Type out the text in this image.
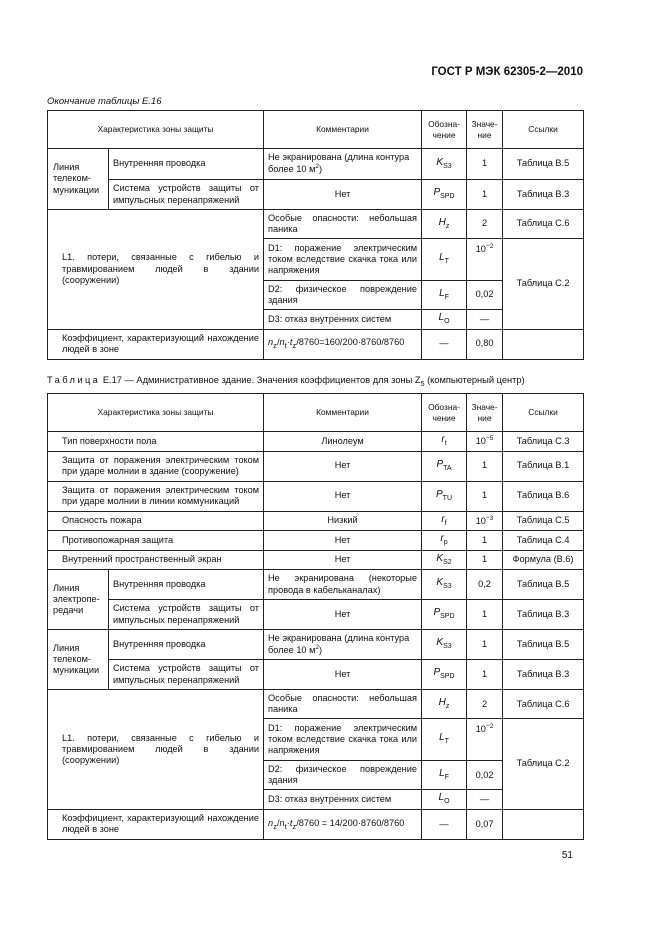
ГОСТ Р МЭК 62305-2—2010
Окончание таблицы Е.16
Характеристика зоны защиты		Комментарии	Обозна-чение	Значе-ние	Ссылки
Линия телеком-муникации	Внутренняя проводка	Не экранирована (длина контура более 10 $м^2$)	$K_{S3}$	1	Таблица В.5
	Система устройств защиты от импульсных перенапряжений	Нет	$P_{SPD}$	1	Таблица В.3
L1. потери, связанные с гибелью и травмированием людей в здании (сооружении)		Особые опасности: небольшая паника	$H_z$	2	Таблица С.6
		D1: поражение электрическим током вследствие скачка тока или напряжения	$L_T$	$10^{-2}$	Таблица С.2
		D2: физическое повреждение здания	$L_F$	0,02	
		D3: отказ внутренних систем	$L_O$	—	
Коэффициент, характеризующий нахождение людей в зоне		$n_z/n_t\cdot t_z/8760=160/200\cdot 8760/8760$	—	0,80	
Таблица Е.17 — Административное здание. Значения коэффициентов для зоны $Z_5$ (компьютерный центр)
Характеристика зоны защиты		Комментарии	Обозна-чение	Значе-ние	Ссылки
Тип поверхности пола		Линолеум	$r_t$	$10^{-5}$	Таблица С.3
Защита от поражения электрическим током при ударе молнии в здание (сооружение)		Нет	$P_{TA}$	1	Таблица В.1
Защита от поражения электрическим током при ударе молнии в линии коммуникаций		Нет	$P_{TU}$	1	Таблица В.6
Опасность пожара		Низкий	$r_f$	$10^{-3}$	Таблица С.5
Противопожарная защита		Нет	$r_p$	1	Таблица С.4
Внутренний пространственный экран		Нет	$K_{S2}$	1	Формула (В.6)
Линия электропе-редачи	Внутренняя проводка	Не экранирована (некоторые провода в кабельканалах)	$K_{S3}$	0,2	Таблица В.5
	Система устройств защиты от импульсных перенапряжений	Нет	$P_{SPD}$	1	Таблица В.3
Линия телеком-муникации	Внутренняя проводка	Не экранирована (длина контура более 10 $м^2$)	$K_{S3}$	1	Таблица В.5
	Система устройств защиты от импульсных перенапряжений	Нет	$P_{SPD}$	1	Таблица В.3
L1. потери, связанные с гибелью и травмированием людей в здании (сооружении)		Особые опасности: небольшая паника	$H_z$	2	Таблица С.6
		D1: поражение электрическим током вследствие скачка тока или напряжения	$L_T$	$10^{-2}$	Таблица С.2
		D2: физическое повреждение здания	$L_F$	0,02	
		D3: отказ внутренних систем	$L_O$	—	
Коэффициент, характеризующий нахождение людей в зоне		$n_z/n_t\cdot t_z/8760 = 14/200\cdot 8760/8760$	—	0,07	
51
